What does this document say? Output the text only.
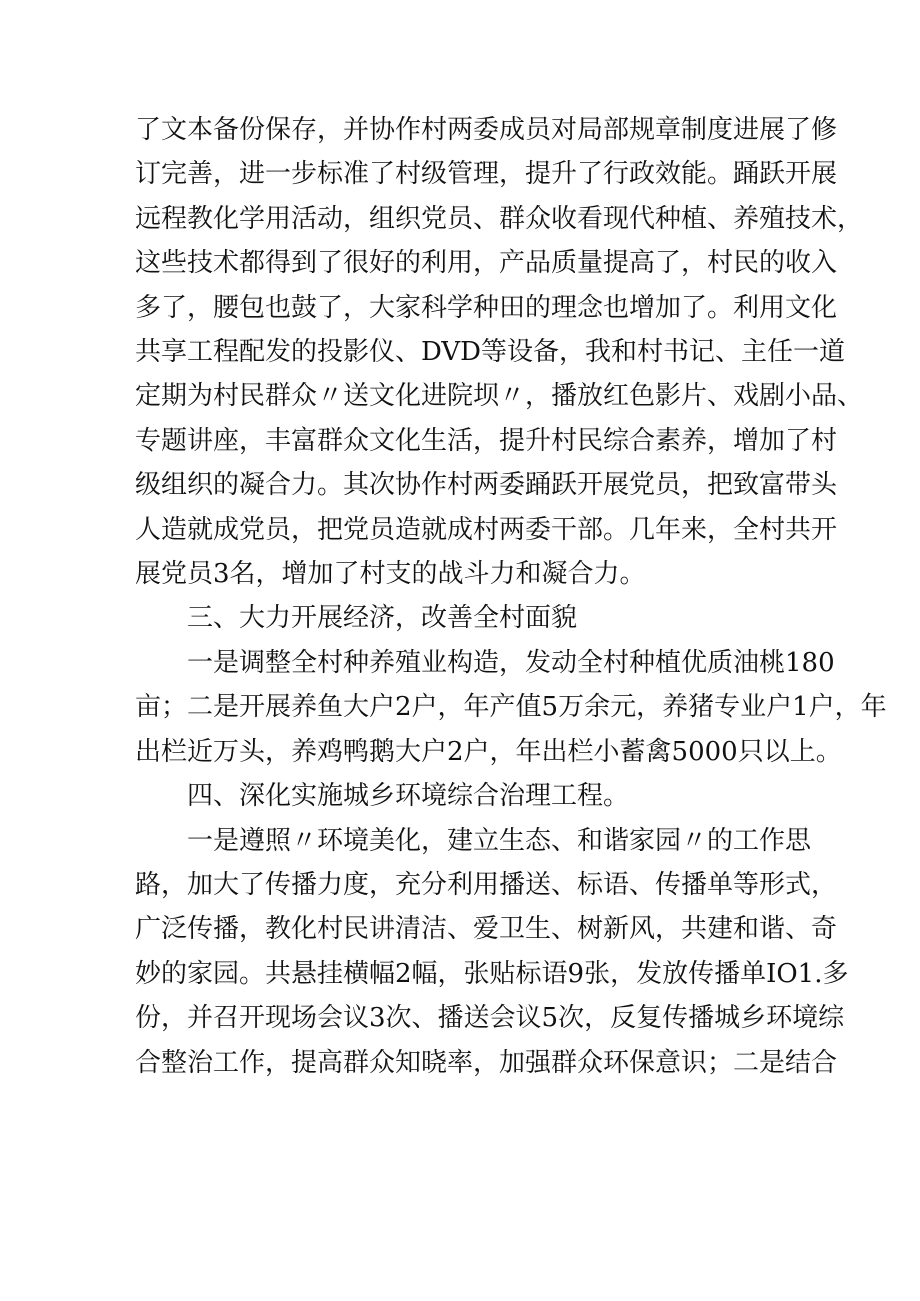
了文本备份保存，并协作村两委成员对局部规章制度进展了修
订完善，进一步标准了村级管理，提升了行政效能。踊跃开展
远程教化学用活动，组织党员、群众收看现代种植、养殖技术，
这些技术都得到了很好的利用，产品质量提高了，村民的收入
多了，腰包也鼓了，大家科学种田的理念也增加了。利用文化
共享工程配发的投影仪、DVD等设备，我和村书记、主任一道
定期为村民群众〃送文化进院坝〃，播放红色影片、戏剧小品、
专题讲座，丰富群众文化生活，提升村民综合素养，增加了村
级组织的凝合力。其次协作村两委踊跃开展党员，把致富带头
人造就成党员，把党员造就成村两委干部。几年来，全村共开
展党员3名，增加了村支的战斗力和凝合力。

三、大力开展经济，改善全村面貌

一是调整全村种养殖业构造，发动全村种植优质油桃180
亩；二是开展养鱼大户2户，年产值5万余元，养猪专业户1户，年
出栏近万头，养鸡鸭鹅大户2户，年出栏小蓄禽5000只以上。

四、深化实施城乡环境综合治理工程。

一是遵照〃环境美化，建立生态、和谐家园〃的工作思
路，加大了传播力度，充分利用播送、标语、传播单等形式，
广泛传播，教化村民讲清洁、爱卫生、树新风，共建和谐、奇
妙的家园。共悬挂横幅2幅，张贴标语9张，发放传播单IO1.多
份，并召开现场会议3次、播送会议5次，反复传播城乡环境综
合整治工作，提高群众知晓率，加强群众环保意识；二是结合
